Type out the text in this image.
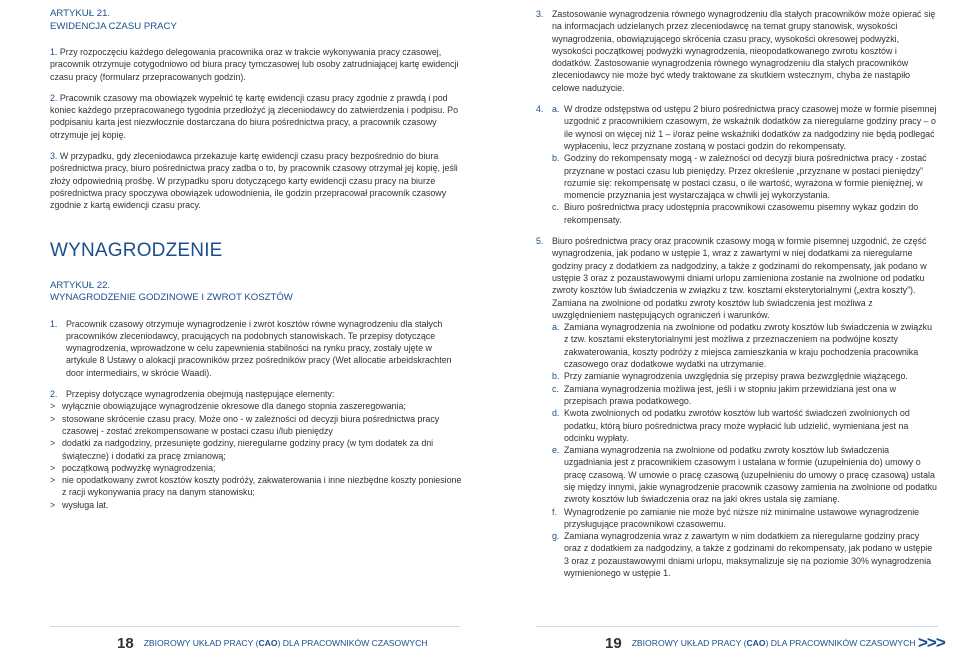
ARTYKUŁ 21.
EWIDENCJA CZASU PRACY
1. Przy rozpoczęciu każdego delegowania pracownika oraz w trakcie wykonywania pracy czasowej, pracownik otrzymuje cotygodniowo od biura pracy tymczasowej lub osoby zatrudniającej kartę ewidencji czasu pracy (formularz przepracowanych godzin).
2. Pracownik czasowy ma obowiązek wypełnić tę kartę ewidencji czasu pracy zgodnie z prawdą i pod koniec każdego przepracowanego tygodnia przedłożyć ją zleceniodawcy do zatwierdzenia i podpisu. Po podpisaniu karta jest niezwłocznie dostarczana do biura pośrednictwa pracy, a pracownik czasowy otrzymuje jej kopię.
3. W przypadku, gdy zleceniodawca przekazuje kartę ewidencji czasu pracy bezpośrednio do biura pośrednictwa pracy, biuro pośrednictwa pracy zadba o to, by pracownik czasowy otrzymał jej kopię, jeśli złoży odpowiednią prośbę. W przypadku sporu dotyczącego karty ewidencji czasu pracy na biurze pośrednictwa pracy spoczywa obowiązek udowodnienia, ile godzin przepracował pracownik czasowy zgodnie z kartą ewidencji czasu pracy.
WYNAGRODZENIE
ARTYKUŁ 22.
WYNAGRODZENIE GODZINOWE I ZWROT KOSZTÓW
1. Pracownik czasowy otrzymuje wynagrodzenie i zwrot kosztów równe wynagrodzeniu dla stałych pracowników zleceniodawcy, pracujących na podobnych stanowiskach. Te przepisy dotyczące wynagrodzenia, wprowadzone w celu zapewnienia stabilności na rynku pracy, zostały ujęte w artykule 8 Ustawy o alokacji pracowników przez pośredników pracy (Wet allocatie arbeidskrachten door intermediairs, w skrócie Waadi).
2. Przepisy dotyczące wynagrodzenia obejmują następujące elementy:
> wyłącznie obowiązujące wynagrodzenie okresowe dla danego stopnia zaszeregowania;
> stosowane skrócenie czasu pracy. Może ono - w zależności od decyzji biura pośrednictwa pracy czasowej - zostać zrekompensowane w postaci czasu i/lub pieniędzy
> dodatki za nadgodziny, przesunięte godziny, nieregularne godziny pracy (w tym dodatek za dni świąteczne) i dodatki za pracę zmianową;
> początkową podwyżkę wynagrodzenia;
> nie opodatkowany zwrot kosztów koszty podróży, zakwaterowania i inne niezbędne koszty poniesione z racji wykonywania pracy na danym stanowisku;
> wysługa lat.
3. Zastosowanie wynagrodzenia równego wynagrodzeniu dla stałych pracowników może opierać się na informacjach udzielanych przez zleceniodawcę na temat grupy stanowisk, wysokości wynagrodzenia, obowiązującego skrócenia czasu pracy, wysokości okresowej podwyżki, wysokości początkowej podwyżki wynagrodzenia, nieopodatkowanego zwrotu kosztów i dodatków. Zastosowanie wynagrodzenia równego wynagrodzeniu dla stałych pracowników zleceniodawcy nie może być wtedy traktowane za skutkiem wstecznym, chyba że nastąpiło celowe nadużycie.
4. a. W drodze odstępstwa od ustępu 2 biuro pośrednictwa pracy czasowej może w formie pisemnej uzgodnić z pracownikiem czasowym, że wskaźnik dodatków za nieregularne godziny pracy – o ile wynosi on więcej niż 1 – i/oraz pełne wskaźniki dodatków za nadgodziny nie będą podlegać wypłaceniu, lecz przyznane zostaną w postaci godzin do rekompensaty.
b. Godziny do rekompensaty mogą - w zależności od decyzji biura pośrednictwa pracy - zostać przyznane w postaci czasu lub pieniędzy. Przez określenie „przyznane w postaci pieniędzy” rozumie się: rekompensatę w postaci czasu, o ile wartość, wyrażona w formie pieniężnej, w momencie przyznania jest wystarczająca w chwili jej wykorzystania.
c. Biuro pośrednictwa pracy udostępnia pracownikowi czasowemu pisemny wykaz godzin do rekompensaty.
5. Biuro pośrednictwa pracy oraz pracownik czasowy mogą w formie pisemnej uzgodnić, że część wynagrodzenia, jak podano w ustępie 1, wraz z zawartymi w niej dodatkami za nieregularne godziny pracy z dodatkiem za nadgodziny, a także z godzinami do rekompensaty, jak podano w ustępie 3 oraz z pozaustawowymi dniami urlopu zamieniona zostanie na zwolnione od podatku zwroty kosztów lub świadczenia w związku z tzw. kosztami eksterytorialnymi („extra koszty”). Zamiana na zwolnione od podatku zwroty kosztów lub świadczenia jest możliwa z uwzględnieniem następujących ograniczeń i warunków.
a. Zamiana wynagrodzenia na zwolnione od podatku zwroty kosztów lub świadczenia w związku z tzw. kosztami eksterytorialnymi jest możliwa z przeznaczeniem na podwójne koszty zakwaterowania, koszty podróży z miejsca zamieszkania w kraju pochodzenia pracownika czasowego oraz dodatkowe wydatki na utrzymanie.
b. Przy zamianie wynagrodzenia uwzględnia się przepisy prawa bezwzględnie wiążącego.
c. Zamiana wynagrodzenia możliwa jest, jeśli i w stopniu jakim przewidziana jest ona w przepisach prawa podatkowego.
d. Kwota zwolnionych od podatku zwrotów kosztów lub wartość świadczeń zwolnionych od podatku, którą biuro pośrednictwa pracy może wypłacić lub udzielić, wymieniana jest na odcinku wypłaty.
e. Zamiana wynagrodzenia na zwolnione od podatku zwroty kosztów lub świadczenia uzgadniania jest z pracownikiem czasowym i ustalana w formie (uzupełnienia do) umowy o pracę czasową. W umowie o pracę czasową (uzupełnieniu do umowy o pracę czasową) ustala się między innymi, jakie wynagrodzenie pracownik czasowy zamienia na zwolnione od podatku zwroty kosztów lub świadczenia oraz na jaki okres ustala się zamianę.
f. Wynagrodzenie po zamianie nie może być niższe niż minimalne ustawowe wynagrodzenie przysługujące pracownikowi czasowemu.
g. Zamiana wynagrodzenia wraz z zawartym w nim dodatkiem za nieregularne godziny pracy oraz z dodatkiem za nadgodziny, a także z godzinami do rekompensaty, jak podano w ustępie 3 oraz z pozaustawowymi dniami urlopu, maksymalizuje się na poziomie 30% wynagrodzenia wymienionego w ustępie 1.
18 ZBIOROWY UKŁAD PRACY ( CAO ) DLA PRACOWNIKÓW CZASOWYCH	19 ZBIOROWY UKŁAD PRACY ( CAO ) DLA PRACOWNIKÓW CZASOWYCH >>>
